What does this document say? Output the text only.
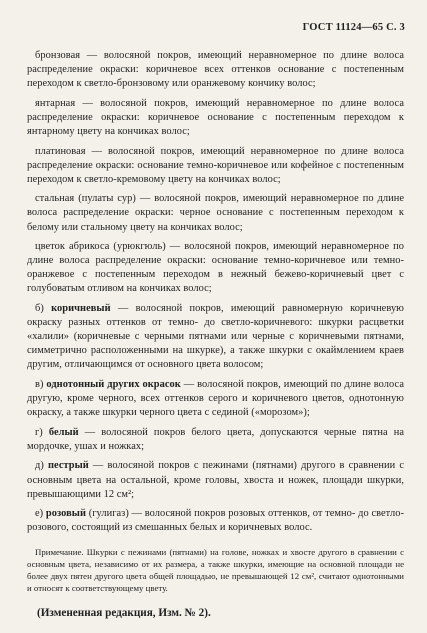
ГОСТ 11124—65 С. 3

бронзовая — волосяной покров, имеющий неравномерное по длине волоса распределение окраски: коричневое всех оттенков основание с постепенным переходом к светло-бронзовому или оранжевому кончику волос;

янтарная — волосяной покров, имеющий неравномерное по длине волоса распределение окраски: коричневое основание с постепенным переходом к янтарному цвету на кончиках волос;

платиновая — волосяной покров, имеющий неравномерное по длине волоса распределение окраски: основание темно-коричневое или кофейное с постепенным переходом к светло-кремовому цвету на кончиках волос;

стальная (пулаты сур) — волосяной покров, имеющий неравномерное по длине волоса распределение окраски: черное основание с постепенным переходом к белому или стальному цвету на кончиках волос;

цветок абрикоса (урюкгюль) — волосяной покров, имеющий неравномерное по длине волоса распределение окраски: основание темно-коричневое или темно-оранжевое с постепенным переходом в нежный бежево-коричневый цвет с голубоватым отливом на кончиках волос;

б) коричневый — волосяной покров, имеющий равномерную коричневую окраску разных оттенков от темно- до светло-коричневого: шкурки расцветки «халили» (коричневые с черными пятнами или черные с коричневыми пятнами, симметрично расположенными на шкурке), а также шкурки с окаймлением краев другим, отличающимся от основного цвета волосом;

в) однотонный других окрасок — волосяной покров, имеющий по длине волоса другую, кроме черного, всех оттенков серого и коричневого цветов, однотонную окраску, а также шкурки черного цвета с сединой («морозом»);

г) белый — волосяной покров белого цвета, допускаются черные пятна на мордочке, ушах и ножках;

д) пестрый — волосяной покров с пежинами (пятнами) другого в сравнении с основным цвета на остальной, кроме головы, хвоста и ножек, площади шкурки, превышающими 12 см²;

е) розовый (гулигаз) — волосяной покров розовых оттенков, от темно- до светло-розового, состоящий из смешанных белых и коричневых волос.

Примечание. Шкурки с пежинами (пятнами) на голове, ножках и хвосте другого в сравнении с основным цвета, независимо от их размера, а также шкурки, имеющие на основной площади не более двух пятен другого цвета общей площадью, не превышающей 12 см², считают однотонными и относят к соответствующему цвету.

(Измененная редакция, Изм. № 2).
